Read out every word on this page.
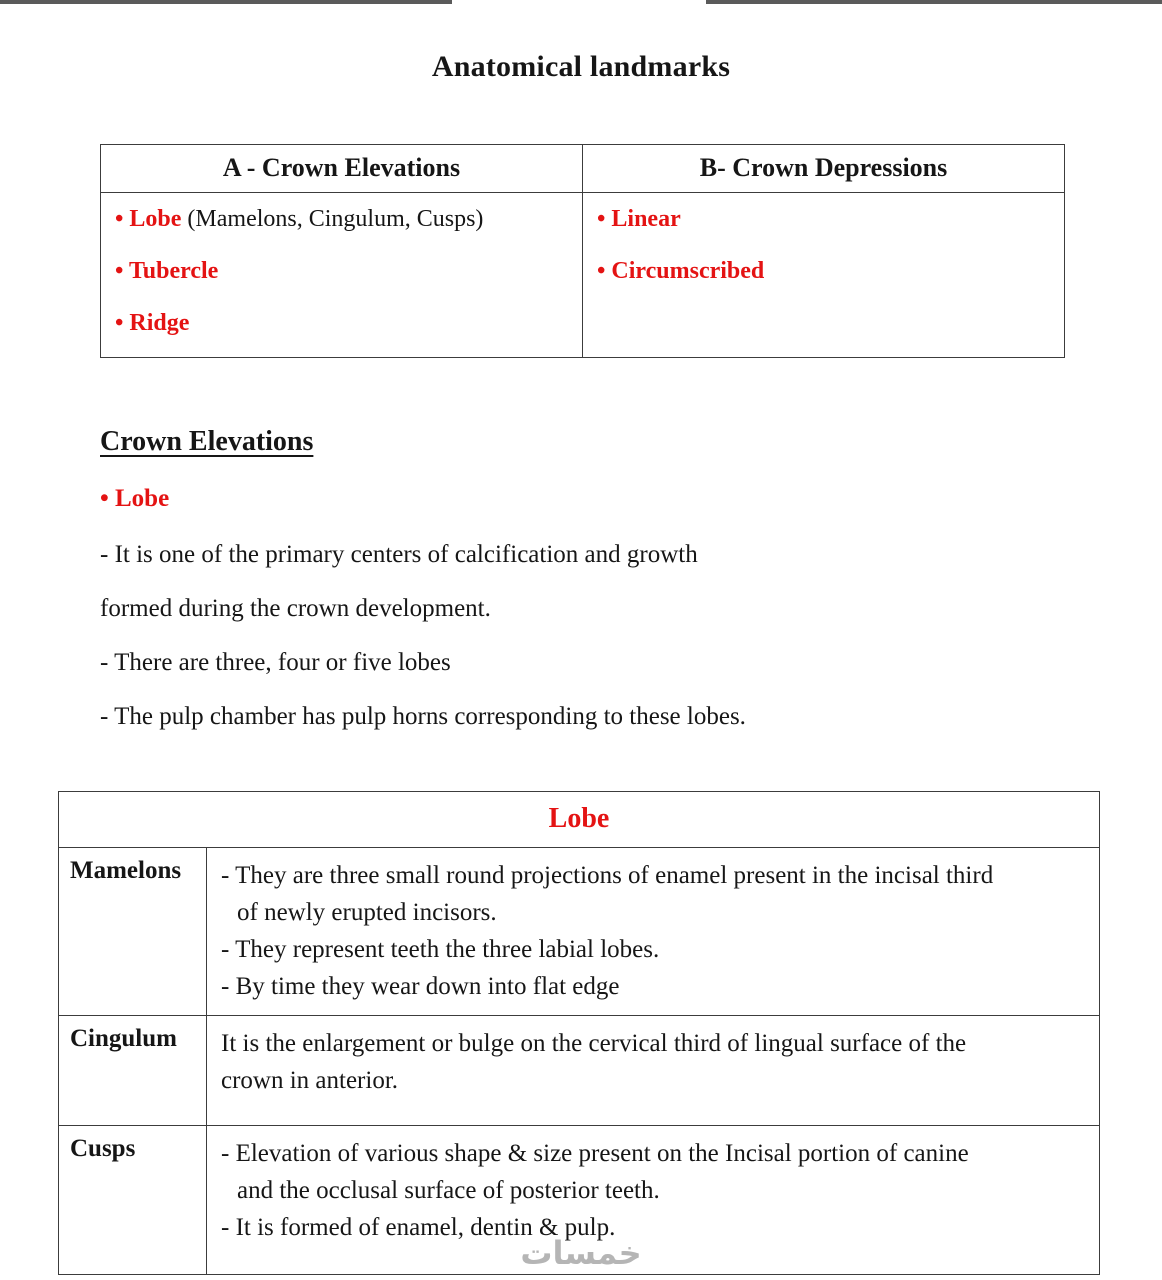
Anatomical landmarks
A - Crown Elevations	B- Crown Depressions

• Lobe (Mamelons, Cingulum, Cusps)
• Tubercle
• Ridge

• Linear
• Circumscribed
Crown Elevations
• Lobe
- It is one of the primary centers of calcification and growth
formed during the crown development.
- There are three, four or five lobes
- The pulp chamber has pulp horns corresponding to these lobes.
Lobe	
Mamelons	- They are three small round projections of enamel present in the incisal third
of newly erupted incisors.
- They represent teeth the three labial lobes.
- By time they wear down into flat edge

Cingulum	It is the enlargement or bulge on the cervical third of lingual surface of the
crown in anterior.

Cusps	- Elevation of various shape & size present on the Incisal portion of canine
and the occlusal surface of posterior teeth.
- It is formed of enamel, dentin & pulp.
خمسات
